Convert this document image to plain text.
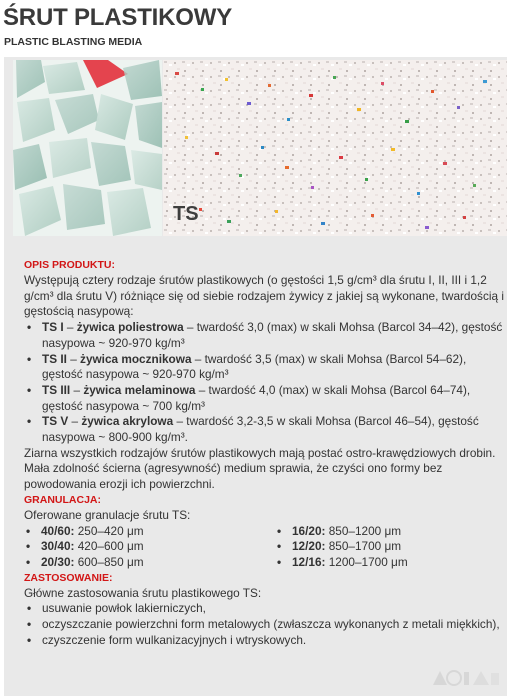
ŚRUT PLASTIKOWY
PLASTIC BLASTING MEDIA
TS
OPIS PRODUKTU:

Występują cztery rodzaje śrutów plastikowych (o gęstości 1,5 g/cm³ dla śrutu I, II, III i 1,2 g/cm³ dla śrutu V) różniące się od siebie rodzajem żywicy z jakiej są wykonane, twardością i gęstością nasypową:

• TS I – żywica poliestrowa – twardość 3,0 (max) w skali Mohsa (Barcol 34–42), gęstość nasypowa ~ 920-970 kg/m³
• TS II – żywica mocznikowa – twardość 3,5 (max) w skali Mohsa (Barcol 54–62), gęstość nasypowa ~ 920-970 kg/m³
• TS III – żywica melaminowa – twardość 4,0 (max) w skali Mohsa (Barcol 64–74), gęstość nasypowa ~ 700 kg/m³
• TS V – żywica akrylowa – twardość 3,2-3,5 w skali Mohsa (Barcol 46–54), gęstość nasypowa ~ 800-900 kg/m³.

Ziarna wszystkich rodzajów śrutów plastikowych mają postać ostro-krawędziowych drobin. Mała zdolność ścierna (agresywność) medium sprawia, że czyści ono formy bez powodowania erozji ich powierzchni.

GRANULACJA:

Oferowane granulacje śrutu TS:

• 40/60: 250–420 μm	• 16/20: 850–1200 μm
• 30/40: 420–600 μm	• 12/20: 850–1700 μm
• 20/30: 600–850 μm	• 12/16: 1200–1700 μm
ZASTOSOWANIE:

Główne zastosowania śrutu plastikowego TS:

• usuwanie powłok lakierniczych,
• oczyszczanie powierzchni form metalowych (zwłaszcza wykonanych z metali miękkich),
• czyszczenie form wulkanizacyjnych i wtryskowych.
